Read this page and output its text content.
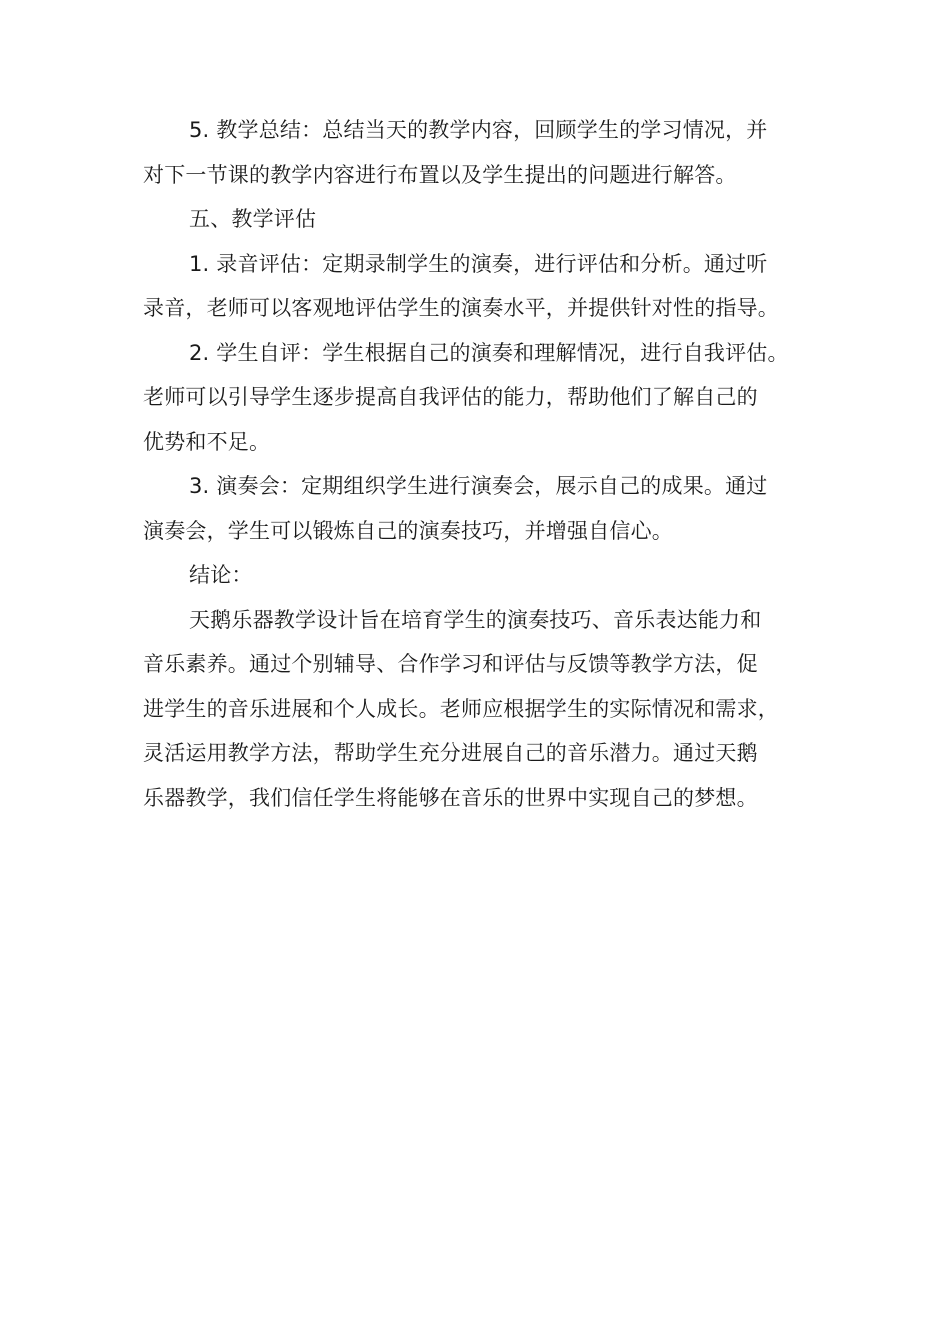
5. 教学总结：总结当天的教学内容，回顾学生的学习情况，并
对下一节课的教学内容进行布置以及学生提出的问题进行解答。

五、教学评估

1. 录音评估：定期录制学生的演奏，进行评估和分析。通过听
录音，老师可以客观地评估学生的演奏水平，并提供针对性的指导。

2. 学生自评：学生根据自己的演奏和理解情况，进行自我评估。
老师可以引导学生逐步提高自我评估的能力，帮助他们了解自己的
优势和不足。

3. 演奏会：定期组织学生进行演奏会，展示自己的成果。通过
演奏会，学生可以锻炼自己的演奏技巧，并增强自信心。

结论：

天鹅乐器教学设计旨在培育学生的演奏技巧、音乐表达能力和
音乐素养。通过个别辅导、合作学习和评估与反馈等教学方法，促
进学生的音乐进展和个人成长。老师应根据学生的实际情况和需求，
灵活运用教学方法，帮助学生充分进展自己的音乐潜力。通过天鹅
乐器教学，我们信任学生将能够在音乐的世界中实现自己的梦想。
